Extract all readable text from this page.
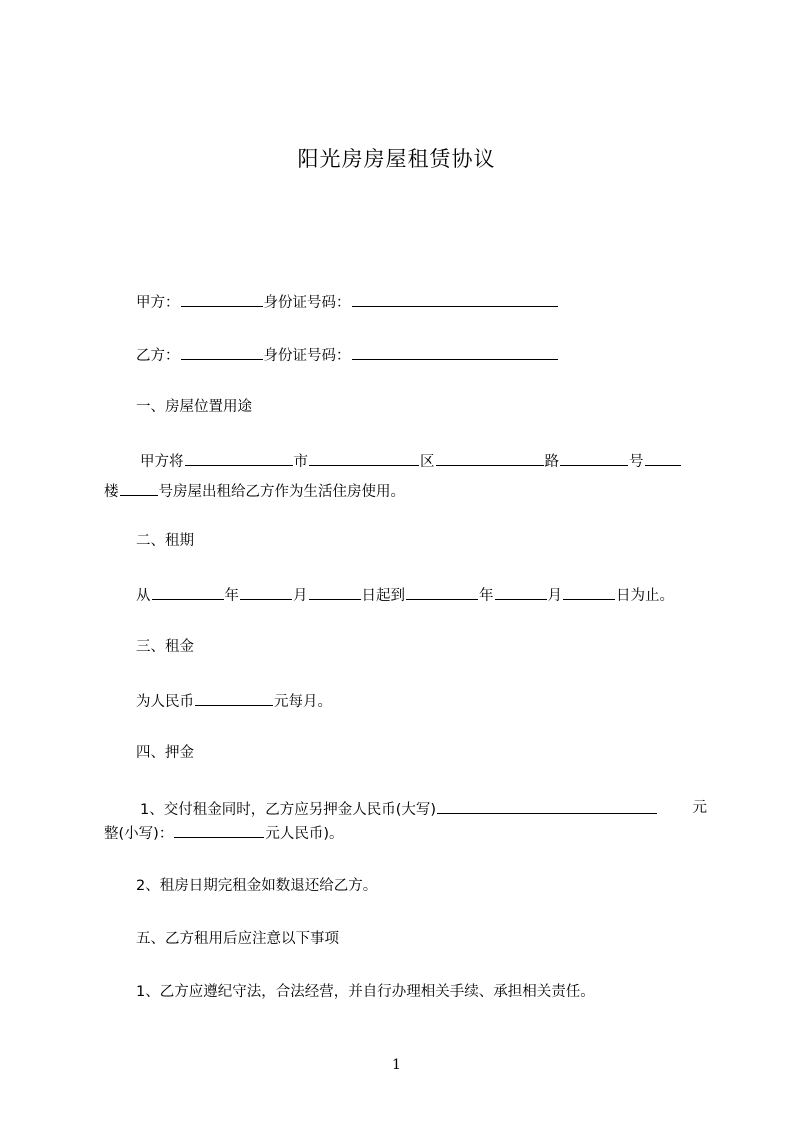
阳光房房屋租赁协议
甲方：	身份证号码：
乙方：	身份证号码：
一、房屋位置用途
甲方将	市	区	路	号
楼	号房屋出租给乙方作为生活住房使用。
二、租期
从	年	月	日起到	年	月	日为止。
三、租金
为人民币	元每月。
四、押金
1、交付租金同时，乙方应另押金人民币(大写)	元
整(小写)：	元人民币)。
2、租房日期完租金如数退还给乙方。
五、乙方租用后应注意以下事项
1、乙方应遵纪守法，合法经营，并自行办理相关手续、承担相关责任。
1
